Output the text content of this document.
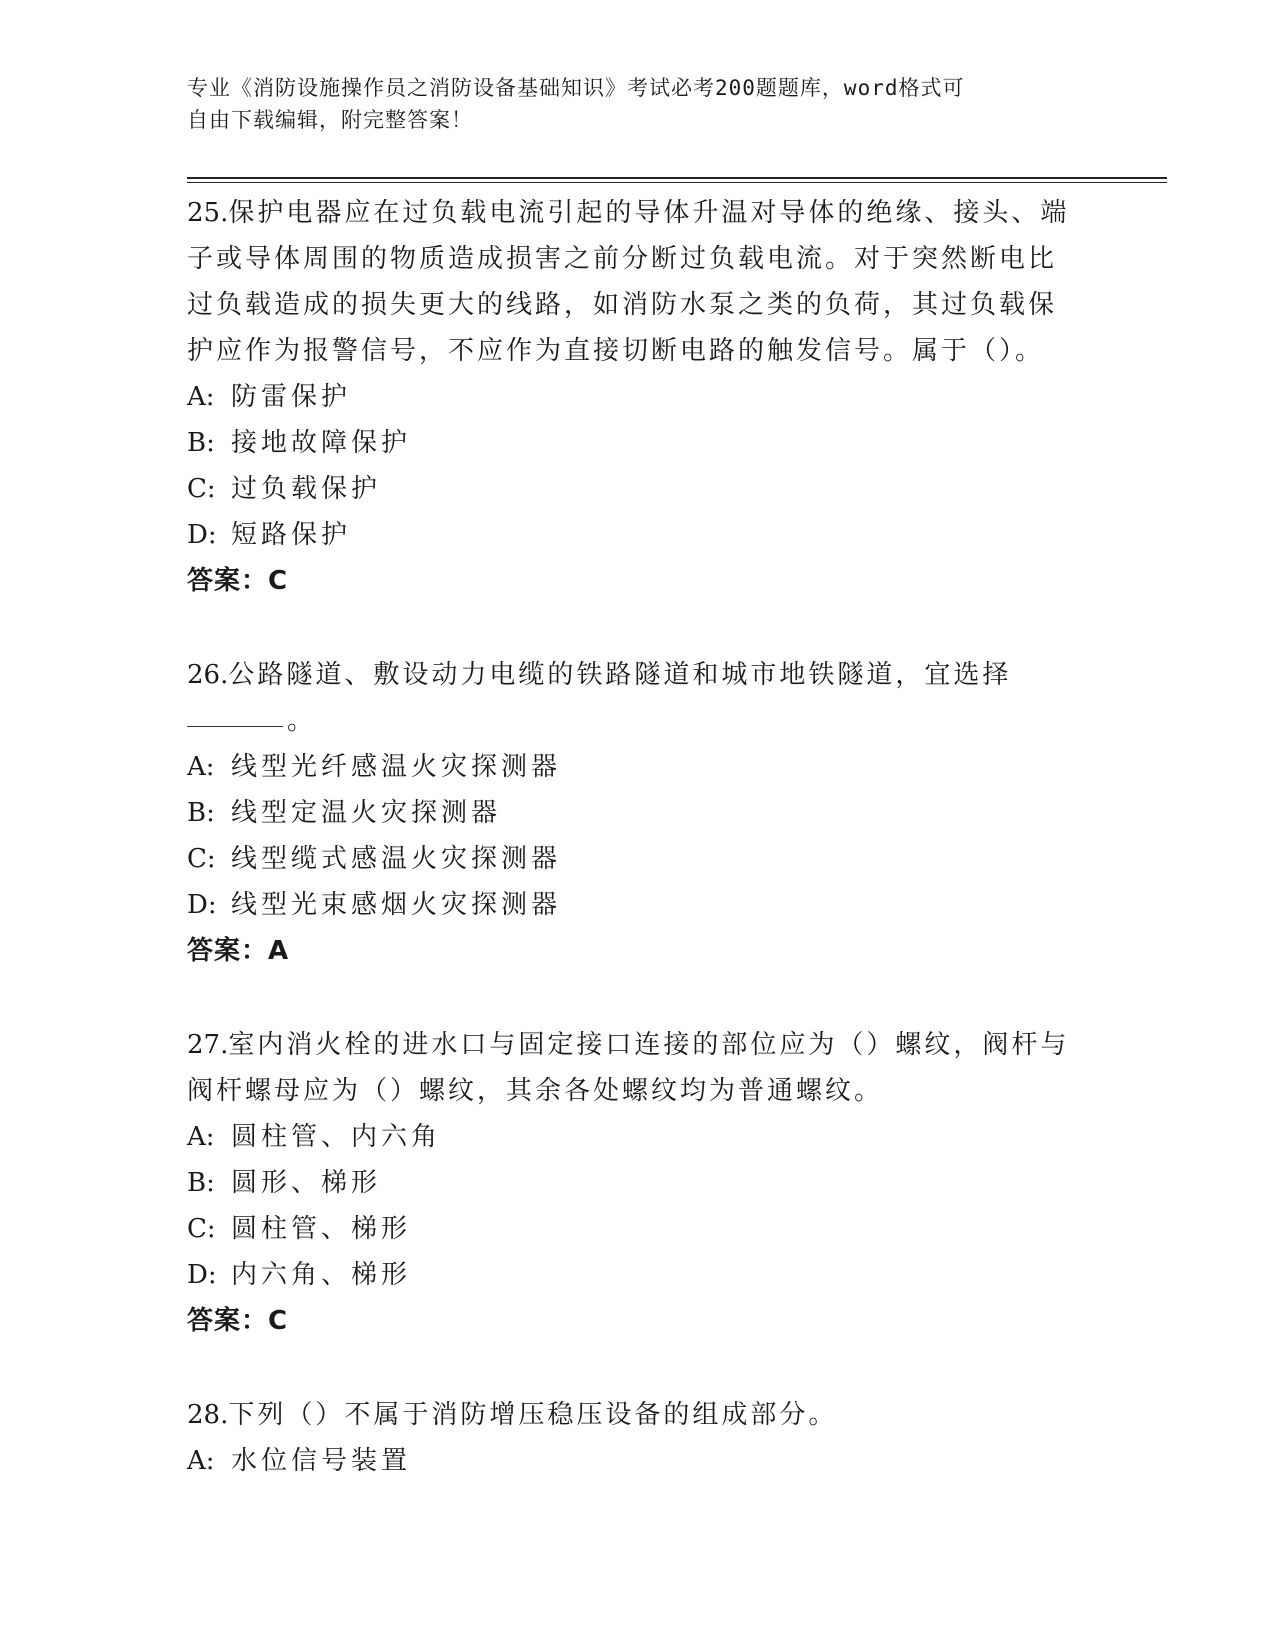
专业《消防设施操作员之消防设备基础知识》考试必考200题题库，word格式可
自由下载编辑，附完整答案！
25.保护电器应在过负载电流引起的导体升温对导体的绝缘、接头、端
子或导体周围的物质造成损害之前分断过负载电流。对于突然断电比
过负载造成的损失更大的线路，如消防水泵之类的负荷，其过负载保
护应作为报警信号，不应作为直接切断电路的触发信号。属于（）。
A: 防雷保护
B: 接地故障保护
C: 过负载保护
D: 短路保护
答案：C
26.公路隧道、敷设动力电缆的铁路隧道和城市地铁隧道，宜选择
。
A: 线型光纤感温火灾探测器
B: 线型定温火灾探测器
C: 线型缆式感温火灾探测器
D: 线型光束感烟火灾探测器
答案：A
27.室内消火栓的进水口与固定接口连接的部位应为（）螺纹，阀杆与
阀杆螺母应为（）螺纹，其余各处螺纹均为普通螺纹。
A: 圆柱管、内六角
B: 圆形、梯形
C: 圆柱管、梯形
D: 内六角、梯形
答案：C
28.下列（）不属于消防增压稳压设备的组成部分。
A: 水位信号装置
